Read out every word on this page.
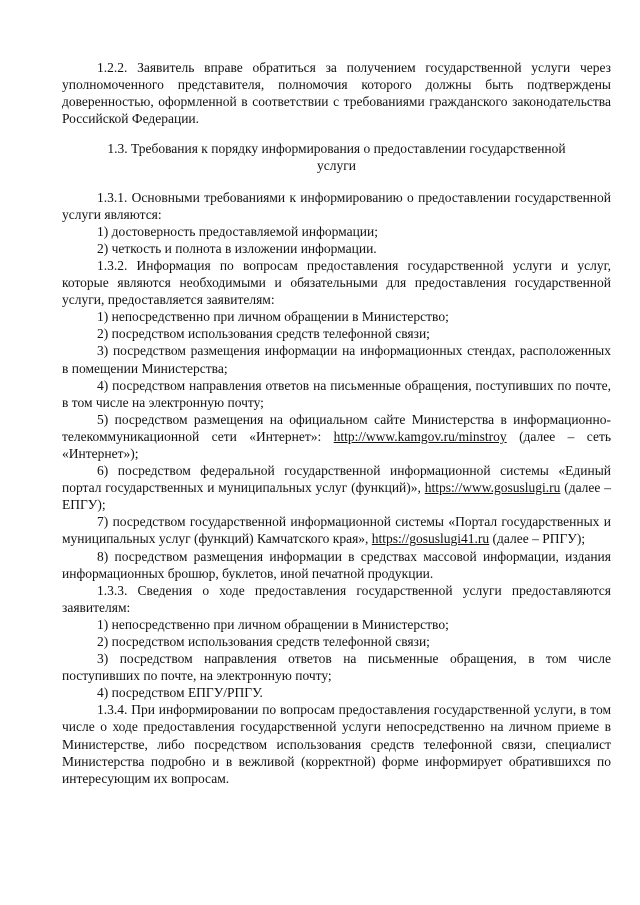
1.2.2. Заявитель вправе обратиться за получением государственной услуги через уполномоченного представителя, полномочия которого должны быть подтверждены доверенностью, оформленной в соответствии с требованиями гражданского законодательства Российской Федерации.

1.3. Требования к порядку информирования о предоставлении государственной услуги

1.3.1. Основными требованиями к информированию о предоставлении государственной услуги являются:

1) достоверность предоставляемой информации;

2) четкость и полнота в изложении информации.

1.3.2. Информация по вопросам предоставления государственной услуги и услуг, которые являются необходимыми и обязательными для предоставления государственной услуги, предоставляется заявителям:

1) непосредственно при личном обращении в Министерство;

2) посредством использования средств телефонной связи;

3) посредством размещения информации на информационных стендах, расположенных в помещении Министерства;

4) посредством направления ответов на письменные обращения, поступивших по почте, в том числе на электронную почту;

5) посредством размещения на официальном сайте Министерства в информационно-телекоммуникационной сети «Интернет»: http://www.kamgov.ru/minstroy (далее – сеть «Интернет»);

6) посредством федеральной государственной информационной системы «Единый портал государственных и муниципальных услуг (функций)», https://www.gosuslugi.ru (далее – ЕПГУ);

7) посредством государственной информационной системы «Портал государственных и муниципальных услуг (функций) Камчатского края», https://gosuslugi41.ru (далее – РПГУ);

8) посредством размещения информации в средствах массовой информации, издания информационных брошюр, буклетов, иной печатной продукции.

1.3.3. Сведения о ходе предоставления государственной услуги предоставляются заявителям:

1) непосредственно при личном обращении в Министерство;

2) посредством использования средств телефонной связи;

3) посредством направления ответов на письменные обращения, в том числе поступивших по почте, на электронную почту;

4) посредством ЕПГУ/РПГУ.

1.3.4. При информировании по вопросам предоставления государственной услуги, в том числе о ходе предоставления государственной услуги непосредственно на личном приеме в Министерстве, либо посредством использования средств телефонной связи, специалист Министерства подробно и в вежливой (корректной) форме информирует обратившихся по интересующим их вопросам.
